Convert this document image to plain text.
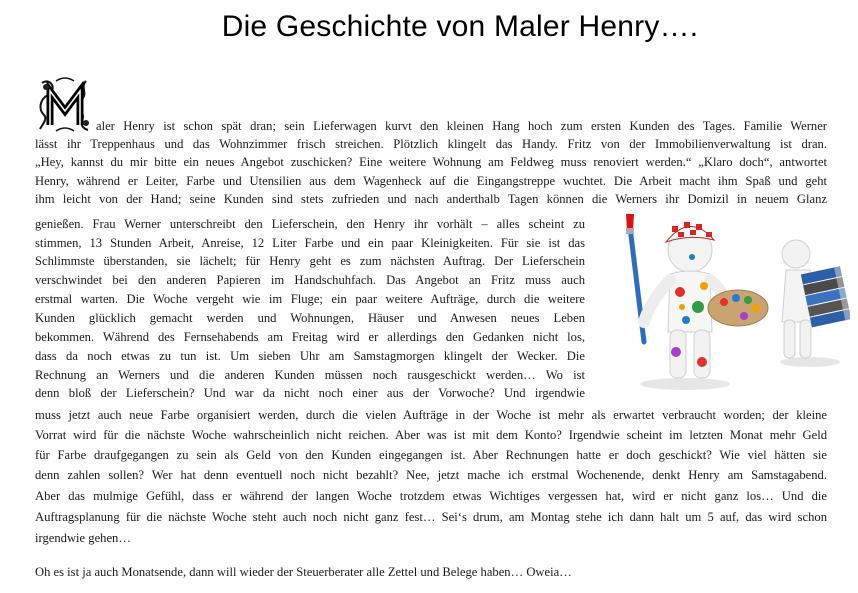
Die Geschichte von Maler Henry….
aler Henry ist schon spät dran; sein Lieferwagen kurvt den kleinen Hang hoch zum ersten Kunden des Tages. Familie Werner
lässt ihr Treppenhaus und das Wohnzimmer frisch streichen. Plötzlich klingelt das Handy. Fritz von der Immobilienverwaltung ist dran.
„Hey, kannst du mir bitte ein neues Angebot zuschicken? Eine weitere Wohnung am Feldweg muss renoviert werden.“ „Klaro doch“, antwortet
Henry, während er Leiter, Farbe und Utensilien aus dem Wagenheck auf die Eingangstreppe wuchtet. Die Arbeit macht ihm Spaß und geht
ihm leicht von der Hand; seine Kunden sind stets zufrieden und nach anderthalb Tagen können die Werners ihr Domizil in neuem Glanz
genießen. Frau Werner unterschreibt den Lieferschein, den Henry ihr vorhält – alles scheint zu
stimmen, 13 Stunden Arbeit, Anreise, 12 Liter Farbe und ein paar Kleinigkeiten. Für sie ist das
Schlimmste überstanden, sie lächelt; für Henry geht es zum nächsten Auftrag. Der Lieferschein
verschwindet bei den anderen Papieren im Handschuhfach. Das Angebot an Fritz muss auch
erstmal warten. Die Woche vergeht wie im Fluge; ein paar weitere Aufträge, durch die weitere
Kunden glücklich gemacht werden und Wohnungen, Häuser und Anwesen neues Leben
bekommen. Während des Fernsehabends am Freitag wird er allerdings den Gedanken nicht los,
dass da noch etwas zu tun ist. Um sieben Uhr am Samstagmorgen klingelt der Wecker. Die
Rechnung an Werners und die anderen Kunden müssen noch rausgeschickt werden… Wo ist
denn bloß der Lieferschein? Und war da nicht noch einer aus der Vorwoche? Und irgendwie
muss jetzt auch neue Farbe organisiert werden, durch die vielen Aufträge in der Woche ist mehr als erwartet verbraucht worden; der kleine
Vorrat wird für die nächste Woche wahrscheinlich nicht reichen. Aber was ist mit dem Konto? Irgendwie scheint im letzten Monat mehr Geld
für Farbe draufgegangen zu sein als Geld von den Kunden eingegangen ist. Aber Rechnungen hatte er doch geschickt? Wie viel hätten sie
denn zahlen sollen? Wer hat denn eventuell noch nicht bezahlt? Nee, jetzt mache ich erstmal Wochenende, denkt Henry am Samstagabend.
Aber das mulmige Gefühl, dass er während der langen Woche trotzdem etwas Wichtiges vergessen hat, wird er nicht ganz los… Und die
Auftragsplanung für die nächste Woche steht auch noch nicht ganz fest… Sei‘s drum, am Montag stehe ich dann halt um 5 auf, das wird schon
irgendwie gehen…
Oh es ist ja auch Monatsende, dann will wieder der Steuerberater alle Zettel und Belege haben… Oweia…
